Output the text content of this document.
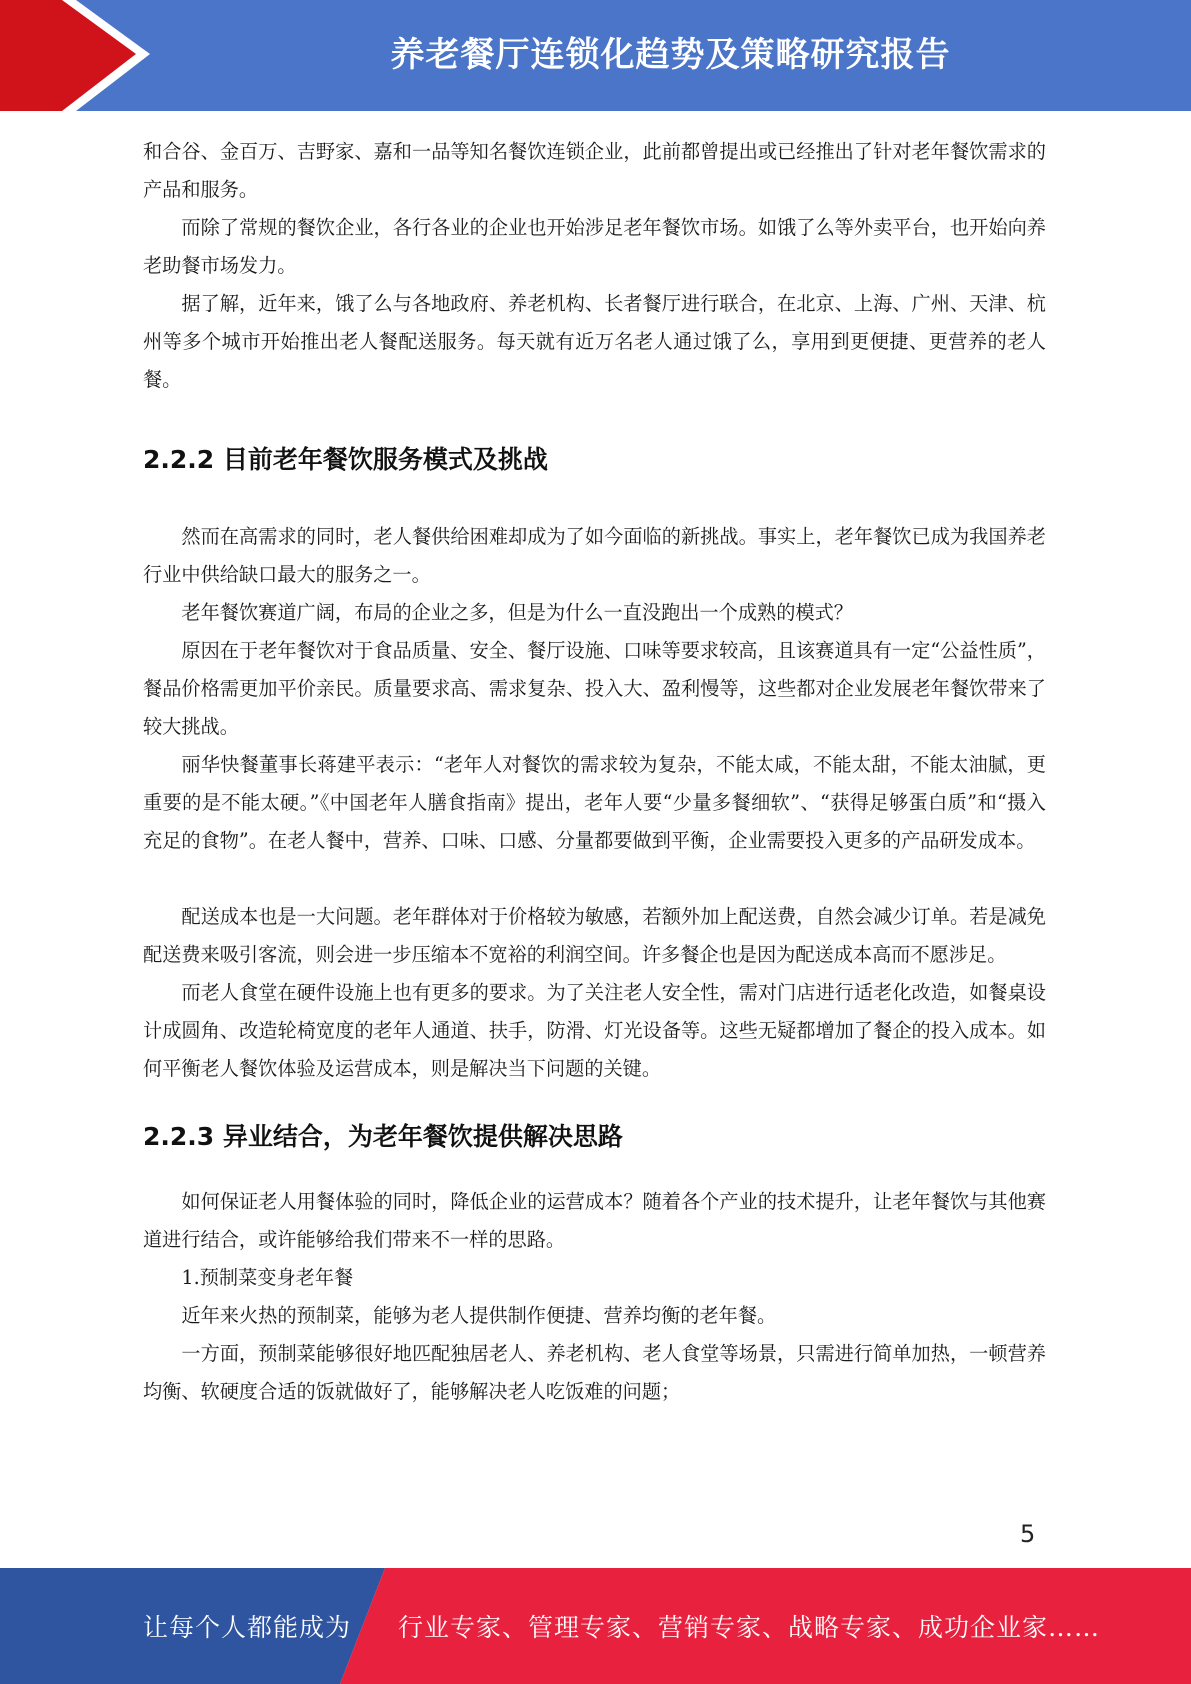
养老餐厅连锁化趋势及策略研究报告

和合谷、金百万、吉野家、嘉和一品等知名餐饮连锁企业，此前都曾提出或已经推出了针对老年餐饮需求的产品和服务。

而除了常规的餐饮企业，各行各业的企业也开始涉足老年餐饮市场。如饿了么等外卖平台，也开始向养老助餐市场发力。

据了解，近年来，饿了么与各地政府、养老机构、长者餐厅进行联合，在北京、上海、广州、天津、杭州等多个城市开始推出老人餐配送服务。每天就有近万名老人通过饿了么，享用到更便捷、更营养的老人餐。

2.2.2 目前老年餐饮服务模式及挑战

然而在高需求的同时，老人餐供给困难却成为了如今面临的新挑战。事实上，老年餐饮已成为我国养老行业中供给缺口最大的服务之一。

老年餐饮赛道广阔，布局的企业之多，但是为什么一直没跑出一个成熟的模式？

原因在于老年餐饮对于食品质量、安全、餐厅设施、口味等要求较高，且该赛道具有一定“公益性质”，餐品价格需更加平价亲民。质量要求高、需求复杂、投入大、盈利慢等，这些都对企业发展老年餐饮带来了较大挑战。

丽华快餐董事长蒋建平表示：“老年人对餐饮的需求较为复杂，不能太咸，不能太甜，不能太油腻，更重要的是不能太硬。”《中国老年人膳食指南》提出，老年人要“少量多餐细软”、“获得足够蛋白质”和“摄入充足的食物”。在老人餐中，营养、口味、口感、分量都要做到平衡，企业需要投入更多的产品研发成本。

配送成本也是一大问题。老年群体对于价格较为敏感，若额外加上配送费，自然会减少订单。若是减免配送费来吸引客流，则会进一步压缩本不宽裕的利润空间。许多餐企也是因为配送成本高而不愿涉足。

而老人食堂在硬件设施上也有更多的要求。为了关注老人安全性，需对门店进行适老化改造，如餐桌设计成圆角、改造轮椅宽度的老年人通道、扶手，防滑、灯光设备等。这些无疑都增加了餐企的投入成本。如何平衡老人餐饮体验及运营成本，则是解决当下问题的关键。

2.2.3 异业结合，为老年餐饮提供解决思路

如何保证老人用餐体验的同时，降低企业的运营成本？随着各个产业的技术提升，让老年餐饮与其他赛道进行结合，或许能够给我们带来不一样的思路。

1.预制菜变身老年餐

近年来火热的预制菜，能够为老人提供制作便捷、营养均衡的老年餐。

一方面，预制菜能够很好地匹配独居老人、养老机构、老人食堂等场景，只需进行简单加热，一顿营养均衡、软硬度合适的饭就做好了，能够解决老人吃饭难的问题；

5
让每个人都能成为 行业专家、管理专家、营销专家、战略专家、成功企业家……
